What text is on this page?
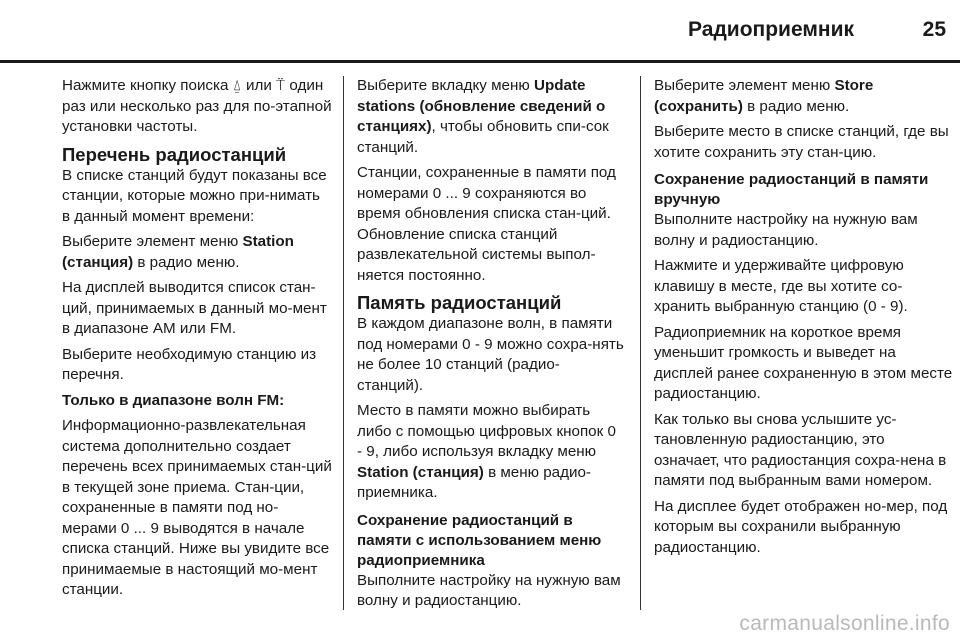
Радиоприемник	25

Нажмите кнопку поиска ⍙ или ⍡ один раз или несколько раз для по-этапной установки частоты.

Перечень радиостанций

В списке станций будут показаны все станции, которые можно при-нимать в данный момент времени:

Выберите элемент меню Station (станция) в радио меню.

На дисплей выводится список стан-ций, принимаемых в данный мо-мент в диапазоне AM или FM.

Выберите необходимую станцию из перечня.

Только в диапазоне волн FM:

Информационно-развлекательная система дополнительно создает перечень всех принимаемых стан-ций в текущей зоне приема. Стан-ции, сохраненные в памяти под но-мерами 0 ... 9 выводятся в начале списка станций. Ниже вы увидите все принимаемые в настоящий мо-мент станции.

Выберите вкладку меню Update stations (обновление сведений о станциях), чтобы обновить спи-сок станций.

Станции, сохраненные в памяти под номерами 0 ... 9 сохраняются во время обновления списка стан-ций. Обновление списка станций развлекательной системы выпол-няется постоянно.

Память радиостанций

В каждом диапазоне волн, в памяти под номерами 0 - 9 можно сохра-нять не более 10 станций (радио-станций).

Место в памяти можно выбирать либо с помощью цифровых кнопок 0 - 9, либо используя вкладку меню Station (станция) в меню радио-приемника.

Сохранение радиостанций в памяти с использованием меню радиоприемника

Выполните настройку на нужную вам волну и радиостанцию.

Выберите элемент меню Store (сохранить) в радио меню.

Выберите место в списке станций, где вы хотите сохранить эту стан-цию.

Сохранение радиостанций в памяти вручную

Выполните настройку на нужную вам волну и радиостанцию.

Нажмите и удерживайте цифровую клавишу в месте, где вы хотите со-хранить выбранную станцию (0 - 9).

Радиоприемник на короткое время уменьшит громкость и выведет на дисплей ранее сохраненную в этом месте радиостанцию.

Как только вы снова услышите ус-тановленную радиостанцию, это означает, что радиостанция сохра-нена в памяти под выбранным вами номером.

На дисплее будет отображен но-мер, под которым вы сохранили выбранную радиостанцию.

carmanualsonline.info
